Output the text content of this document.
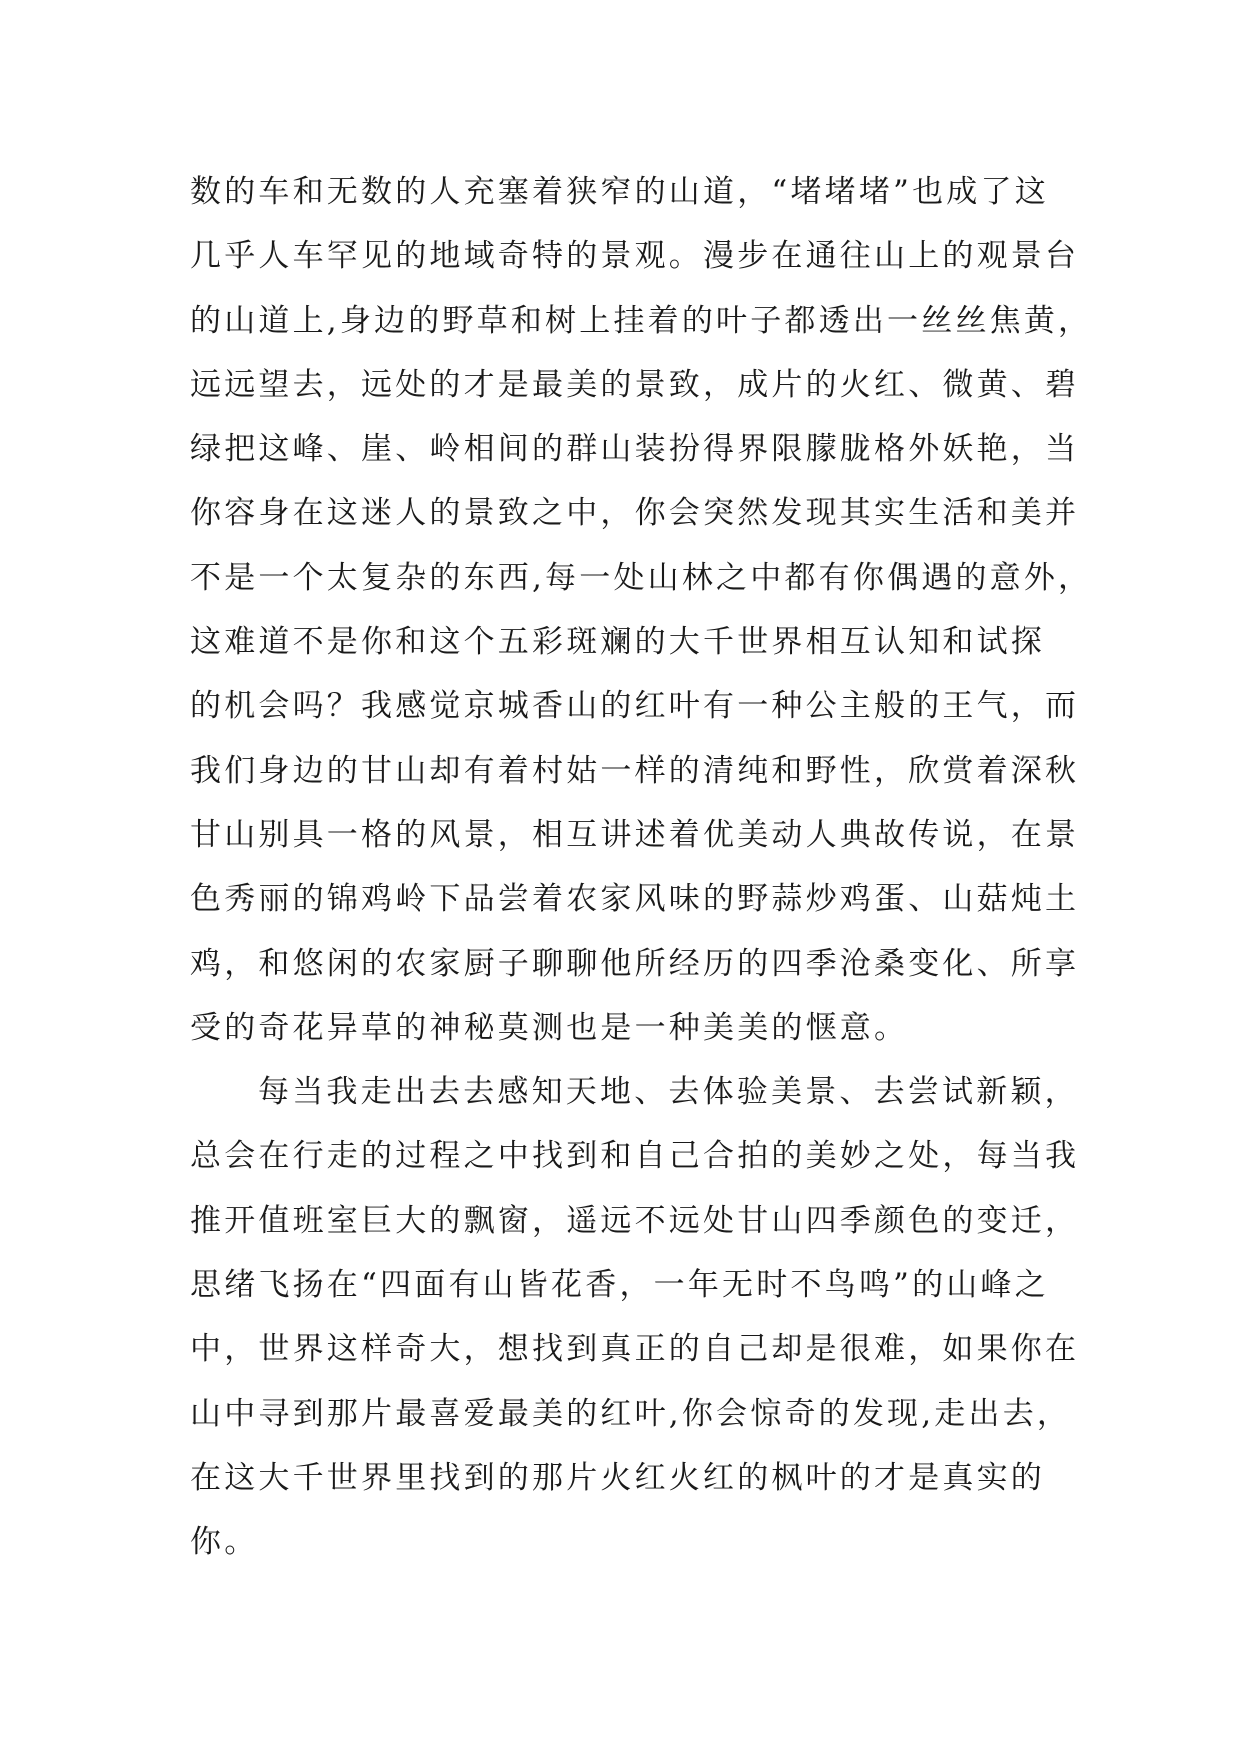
数的车和无数的人充塞着狭窄的山道，“堵堵堵”也成了这
几乎人车罕见的地域奇特的景观。漫步在通往山上的观景台
的山道上,身边的野草和树上挂着的叶子都透出一丝丝焦黄，
远远望去，远处的才是最美的景致，成片的火红、微黄、碧
绿把这峰、崖、岭相间的群山装扮得界限朦胧格外妖艳，当
你容身在这迷人的景致之中，你会突然发现其实生活和美并
不是一个太复杂的东西,每一处山林之中都有你偶遇的意外，
这难道不是你和这个五彩斑斓的大千世界相互认知和试探
的机会吗？我感觉京城香山的红叶有一种公主般的王气，而
我们身边的甘山却有着村姑一样的清纯和野性，欣赏着深秋
甘山别具一格的风景，相互讲述着优美动人典故传说，在景
色秀丽的锦鸡岭下品尝着农家风味的野蒜炒鸡蛋、山菇炖土
鸡，和悠闲的农家厨子聊聊他所经历的四季沧桑变化、所享
受的奇花异草的神秘莫测也是一种美美的惬意。
每当我走出去去感知天地、去体验美景、去尝试新颖，
总会在行走的过程之中找到和自己合拍的美妙之处，每当我
推开值班室巨大的飘窗，遥远不远处甘山四季颜色的变迁，
思绪飞扬在“四面有山皆花香，一年无时不鸟鸣”的山峰之
中，世界这样奇大，想找到真正的自己却是很难，如果你在
山中寻到那片最喜爱最美的红叶,你会惊奇的发现,走出去，
在这大千世界里找到的那片火红火红的枫叶的才是真实的
你。
